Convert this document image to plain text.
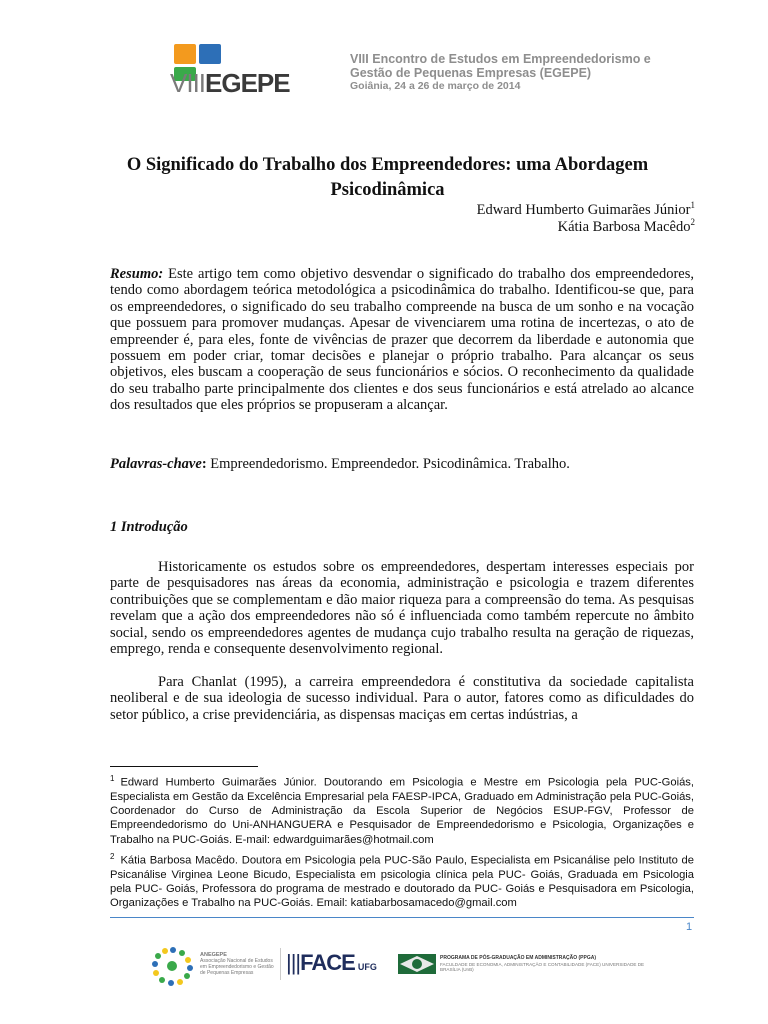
VIIIEGEPE
VIII Encontro de Estudos em Empreendedorismo e
Gestão de Pequenas Empresas (EGEPE)
Goiânia, 24 a 26 de março de 2014
O Significado do Trabalho dos Empreendedores: uma Abordagem Psicodinâmica
Edward Humberto Guimarães Júnior$^1$
Kátia Barbosa Macêdo$^2$
Resumo: Este artigo tem como objetivo desvendar o significado do trabalho dos empreendedores, tendo como abordagem teórica metodológica a psicodinâmica do trabalho. Identificou-se que, para os empreendedores, o significado do seu trabalho compreende na busca de um sonho e na vocação que possuem para promover mudanças. Apesar de vivenciarem uma rotina de incertezas, o ato de empreender é, para eles, fonte de vivências de prazer que decorrem da liberdade e autonomia que possuem em poder criar, tomar decisões e planejar o próprio trabalho. Para alcançar os seus objetivos, eles buscam a cooperação de seus funcionários e sócios. O reconhecimento da qualidade do seu trabalho parte principalmente dos clientes e dos seus funcionários e está atrelado ao alcance dos resultados que eles próprios se propuseram a alcançar.
Palavras-chave: Empreendedorismo. Empreendedor. Psicodinâmica. Trabalho.
1 Introdução
Historicamente os estudos sobre os empreendedores, despertam interesses especiais por parte de pesquisadores nas áreas da economia, administração e psicologia e trazem diferentes contribuições que se complementam e dão maior riqueza para a compreensão do tema. As pesquisas revelam que a ação dos empreendedores não só é influenciada como também repercute no âmbito social, sendo os empreendedores agentes de mudança cujo trabalho resulta na geração de riquezas, emprego, renda e consequente desenvolvimento regional.
Para Chanlat (1995), a carreira empreendedora é constitutiva da sociedade capitalista neoliberal e de sua ideologia de sucesso individual. Para o autor, fatores como as dificuldades do setor público, a crise previdenciária, as dispensas maciças em certas indústrias, a
$^1$ Edward Humberto Guimarães Júnior. Doutorando em Psicologia e Mestre em Psicologia pela PUC-Goiás, Especialista em Gestão da Excelência Empresarial pela FAESP-IPCA, Graduado em Administração pela PUC-Goiás, Coordenador do Curso de Administração da Escola Superior de Negócios ESUP-FGV, Professor de Empreendedorismo do Uni-ANHANGUERA e Pesquisador de Empreendedorismo e Psicologia, Organizações e Trabalho na PUC-Goiás. E-mail: edwardguimarães@hotmail.com
$^2$ Kátia Barbosa Macêdo. Doutora em Psicologia pela PUC-São Paulo, Especialista em Psicanálise pelo Instituto de Psicanálise Virginea Leone Bicudo, Especialista em psicologia clínica pela PUC- Goiás, Graduada em Psicologia pela PUC- Goiás, Professora do programa de mestrado e doutorado da PUC- Goiás e Pesquisadora em Psicologia, Organizações e Trabalho na PUC-Goiás. Email: katiabarbosamacedo@gmail.com
1
ANEGEPE
Associação Nacional de Estudos em Empreendedorismo e Gestão de Pequenas Empresas	|||FACE UFG
PROGRAMA DE PÓS-GRADUAÇÃO EM ADMINISTRAÇÃO (PPGA)
FACULDADE DE ECONOMIA, ADMINISTRAÇÃO E CONTABILIDADE (FACE) UNIVERSIDADE DE BRASÍLIA (UnB)
